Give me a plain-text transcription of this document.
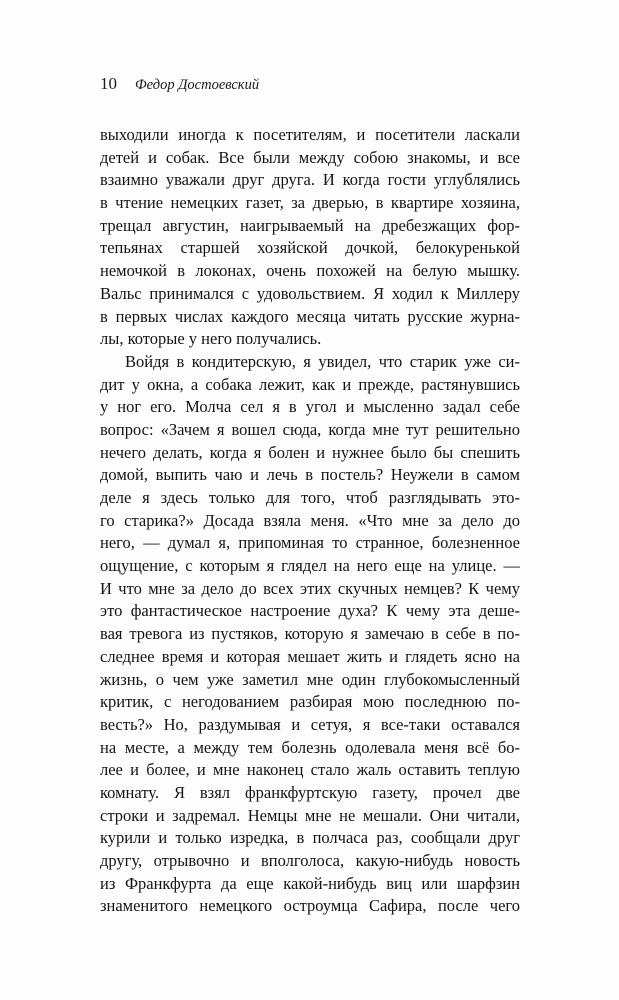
10 Федор Достоевский
выходили иногда к посетителям, и посетители ласкали
детей и собак. Все были между собою знакомы, и все
взаимно уважали друг друга. И когда гости углублялись
в чтение немецких газет, за дверью, в квартире хозяина,
трещал августин, наигрываемый на дребезжащих фор-
тепьянах старшей хозяйской дочкой, белокуренькой
немочкой в локонах, очень похожей на белую мышку.
Вальс принимался с удовольствием. Я ходил к Миллеру
в первых числах каждого месяца читать русские журна-
лы, которые у него получались.
Войдя в кондитерскую, я увидел, что старик уже си-
дит у окна, а собака лежит, как и прежде, растянувшись
у ног его. Молча сел я в угол и мысленно задал себе
вопрос: «Зачем я вошел сюда, когда мне тут решительно
нечего делать, когда я болен и нужнее было бы спешить
домой, выпить чаю и лечь в постель? Неужели в самом
деле я здесь только для того, чтоб разглядывать это-
го старика?» Досада взяла меня. «Что мне за дело до
него, — думал я, припоминая то странное, болезненное
ощущение, с которым я глядел на него еще на улице. —
И что мне за дело до всех этих скучных немцев? К чему
это фантастическое настроение духа? К чему эта деше-
вая тревога из пустяков, которую я замечаю в себе в по-
следнее время и которая мешает жить и глядеть ясно на
жизнь, о чем уже заметил мне один глубокомысленный
критик, с негодованием разбирая мою последнюю по-
весть?» Но, раздумывая и сетуя, я все-таки оставался
на месте, а между тем болезнь одолевала меня всё бо-
лее и более, и мне наконец стало жаль оставить теплую
комнату. Я взял франкфуртскую газету, прочел две
строки и задремал. Немцы мне не мешали. Они читали,
курили и только изредка, в полчаса раз, сообщали друг
другу, отрывочно и вполголоса, какую-нибудь новость
из Франкфурта да еще какой-нибудь виц или шарфзин
знаменитого немецкого остроумца Сафира, после чего
